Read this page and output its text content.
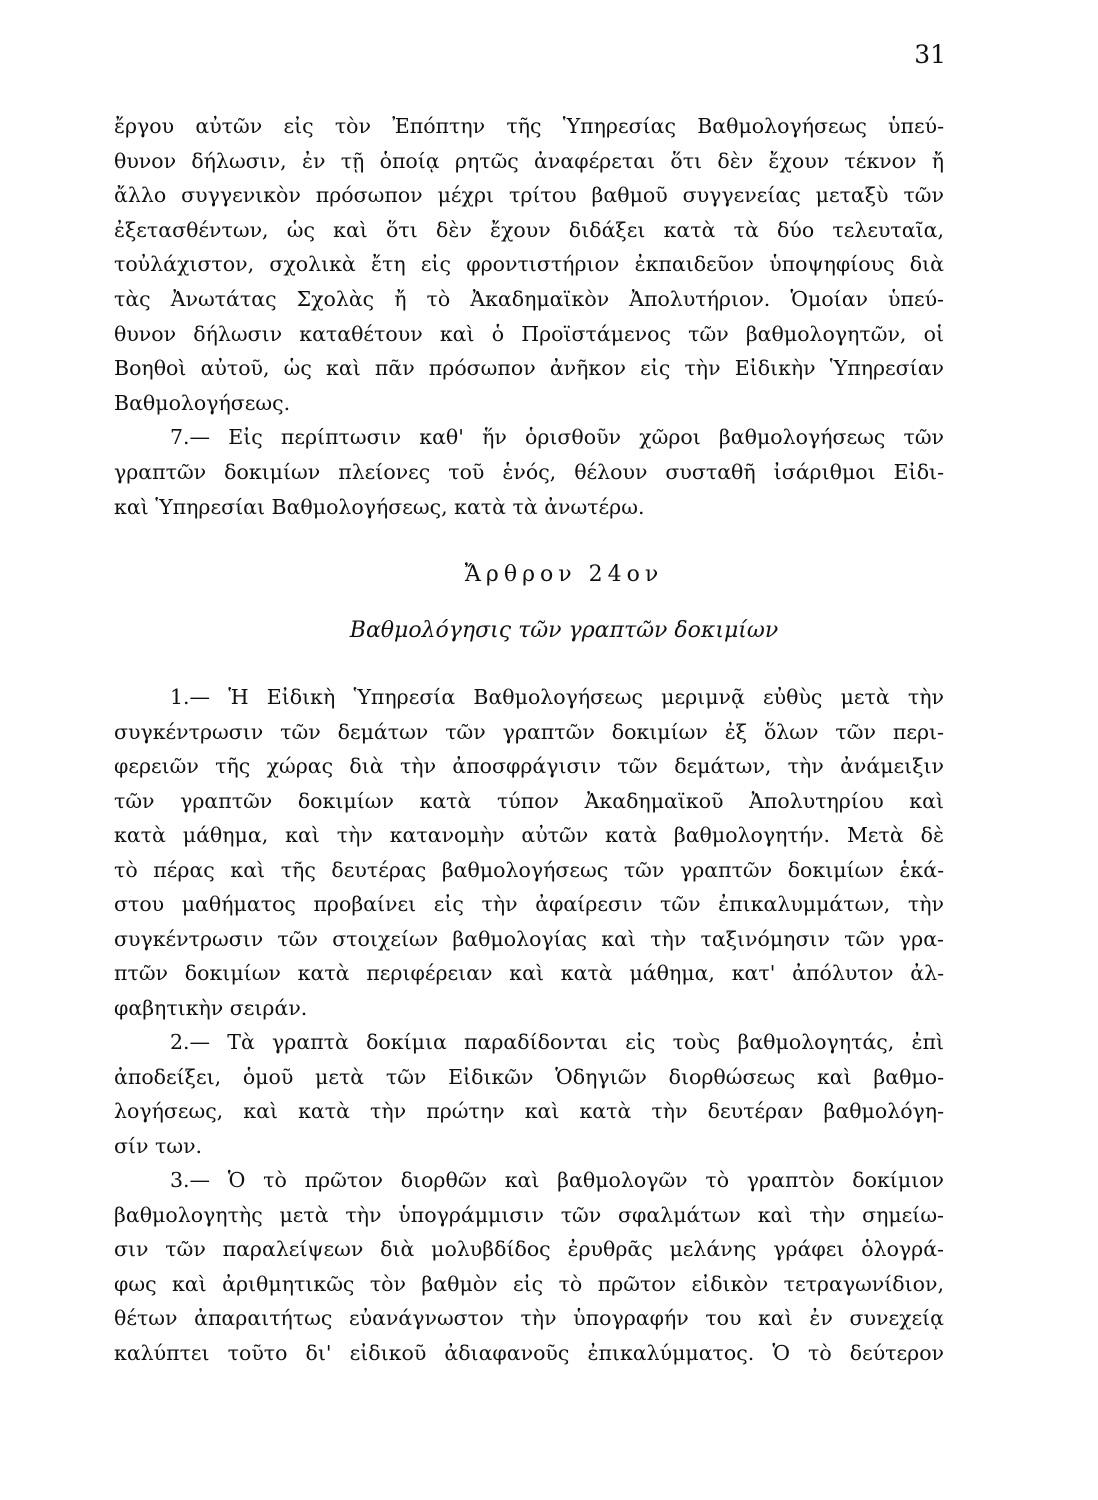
31
ἔργου αὐτῶν εἰς τὸν Ἐπόπτην τῆς Ὑπηρεσίας Βαθμολογήσεως ὑπεύ-
θυνον δήλωσιν, ἐν τῇ ὁποίᾳ ρητῶς ἀναφέρεται ὅτι δὲν ἔχουν τέκνον ἤ
ἄλλο συγγενικὸν πρόσωπον μέχρι τρίτου βαθμοῦ συγγενείας μεταξὺ τῶν
ἐξετασθέντων, ὡς καὶ ὅτι δὲν ἔχουν διδάξει κατὰ τὰ δύο τελευταῖα,
τοὐλάχιστον, σχολικὰ ἔτη εἰς φροντιστήριον ἐκπαιδεῦον ὑποψηφίους διὰ
τὰς Ἀνωτάτας Σχολὰς ἤ τὸ Ἀκαδημαϊκὸν Ἀπολυτήριον. Ὁμοίαν ὑπεύ-
θυνον δήλωσιν καταθέτουν καὶ ὁ Προϊστάμενος τῶν βαθμολογητῶν, οἱ
Βοηθοὶ αὐτοῦ, ὡς καὶ πᾶν πρόσωπον ἀνῆκον εἰς τὴν Εἰδικὴν Ὑπηρεσίαν
Βαθμολογήσεως.
7.— Εἰς περίπτωσιν καθ' ἥν ὁρισθοῦν χῶροι βαθμολογήσεως τῶν
γραπτῶν δοκιμίων πλείονες τοῦ ἑνός, θέλουν συσταθῆ ἰσάριθμοι Εἰδι-
καὶ Ὑπηρεσίαι Βαθμολογήσεως, κατὰ τὰ ἀνωτέρω.
Ἄρθρον 24ον
Βαθμολόγησις τῶν γραπτῶν δοκιμίων
1.— Ἡ Εἰδικὴ Ὑπηρεσία Βαθμολογήσεως μεριμνᾷ εὐθὺς μετὰ τὴν
συγκέντρωσιν τῶν δεμάτων τῶν γραπτῶν δοκιμίων ἐξ ὅλων τῶν περι-
φερειῶν τῆς χώρας διὰ τὴν ἀποσφράγισιν τῶν δεμάτων, τὴν ἀνάμειξιν
τῶν γραπτῶν δοκιμίων κατὰ τύπον Ἀκαδημαϊκοῦ Ἀπολυτηρίου καὶ
κατὰ μάθημα, καὶ τὴν κατανομὴν αὐτῶν κατὰ βαθμολογητήν. Μετὰ δὲ
τὸ πέρας καὶ τῆς δευτέρας βαθμολογήσεως τῶν γραπτῶν δοκιμίων ἑκά-
στου μαθήματος προβαίνει εἰς τὴν ἀφαίρεσιν τῶν ἐπικαλυμμάτων, τὴν
συγκέντρωσιν τῶν στοιχείων βαθμολογίας καὶ τὴν ταξινόμησιν τῶν γρα-
πτῶν δοκιμίων κατὰ περιφέρειαν καὶ κατὰ μάθημα, κατ' ἀπόλυτον ἀλ-
φαβητικὴν σειράν.
2.— Τὰ γραπτὰ δοκίμια παραδίδονται εἰς τοὺς βαθμολογητάς, ἐπὶ
ἀποδείξει, ὁμοῦ μετὰ τῶν Εἰδικῶν Ὁδηγιῶν διορθώσεως καὶ βαθμο-
λογήσεως, καὶ κατὰ τὴν πρώτην καὶ κατὰ τὴν δευτέραν βαθμολόγη-
σίν των.
3.— Ὁ τὸ πρῶτον διορθῶν καὶ βαθμολογῶν τὸ γραπτὸν δοκίμιον
βαθμολογητὴς μετὰ τὴν ὑπογράμμισιν τῶν σφαλμάτων καὶ τὴν σημείω-
σιν τῶν παραλείψεων διὰ μολυβδίδος ἐρυθρᾶς μελάνης γράφει ὁλογρά-
φως καὶ ἀριθμητικῶς τὸν βαθμὸν εἰς τὸ πρῶτον εἰδικὸν τετραγωνίδιον,
θέτων ἀπαραιτήτως εὐανάγνωστον τὴν ὑπογραφήν του καὶ ἐν συνεχείᾳ
καλύπτει τοῦτο δι' εἰδικοῦ ἀδιαφανοῦς ἐπικαλύμματος. Ὁ τὸ δεύτερον
